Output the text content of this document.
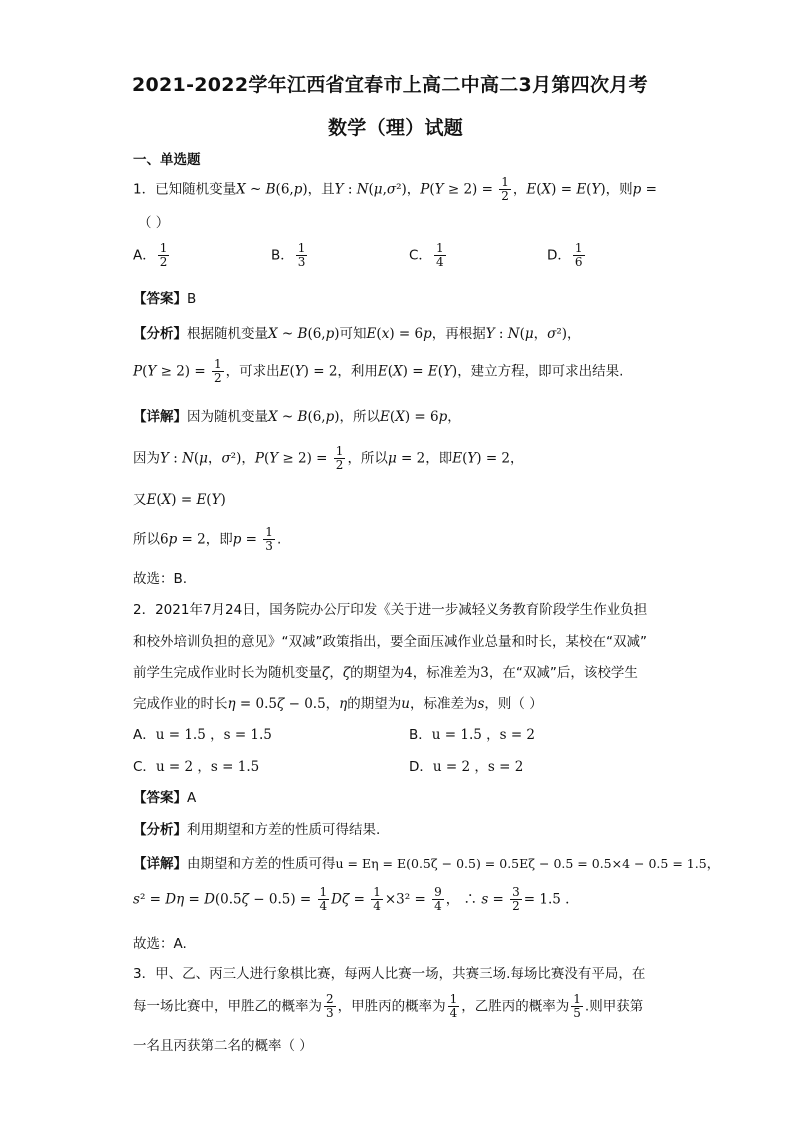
2021-2022学年江西省宜春市上高二中高二3月第四次月考
数学（理）试题
一、单选题
1．已知随机变量X ~ B(6,p)，且Y : N(μ,σ²)，$P(Y \ge 2) = \frac{1}{2}$ ，E(X) = E(Y)，则p =
（ ）
A． $\frac{1}{2}$	B． $\frac{1}{3}$	C． $\frac{1}{4}$	D． $\frac{1}{6}$
【答案】B
【分析】根据随机变量X ~ B(6,p)可知E(x) = 6p，再根据Y : N(μ，σ²)，
$P(Y \ge 2) = \frac{1}{2}$ ，可求出E(Y) = 2，利用E(X) = E(Y)，建立方程，即可求出结果.
【详解】因为随机变量X ~ B(6,p)，所以E(X) = 6p，
因为Y : N(μ，σ²)，$P(Y \ge 2) = \frac{1}{2}$ ，所以μ = 2，即E(Y) = 2，
又E(X) = E(Y)
所以6p = 2，即$p = \frac{1}{3}$ .
故选：B.
2．2021年7月24日，国务院办公厅印发《关于进一步减轻义务教育阶段学生作业负担
和校外培训负担的意见》“双减”政策指出，要全面压减作业总量和时长，某校在“双减”
前学生完成作业时长为随机变量ζ，ζ的期望为4，标准差为3，在“双减”后，该校学生
完成作业的时长η = 0.5ζ − 0.5，η的期望为u，标准差为s，则（ ）
A．u = 1.5 ，s = 1.5	B．u = 1.5 ，s = 2
C．u = 2 ，s = 1.5	D．u = 2 ，s = 2
【答案】A
【分析】利用期望和方差的性质可得结果.
【详解】由期望和方差的性质可得u = Eη = E(0.5ζ − 0.5) = 0.5Eζ − 0.5 = 0.5×4 − 0.5 = 1.5，
$s^2 = D\eta = D(0.5\zeta - 0.5) = \frac{1}{4}$ $D\zeta = \frac{1}{4} \times 3^2 = \frac{9}{4}$ ， ∴ $s = \frac{3}{2} = 1.5$ .
故选：A.
3．甲、乙、丙三人进行象棋比赛，每两人比赛一场，共赛三场.每场比赛没有平局，在
每一场比赛中，甲胜乙的概率为 $\frac{2}{3}$ ，甲胜丙的概率为 $\frac{1}{4}$ ，乙胜丙的概率为 $\frac{1}{5}$ .则甲获第
一名且丙获第二名的概率（ ）
